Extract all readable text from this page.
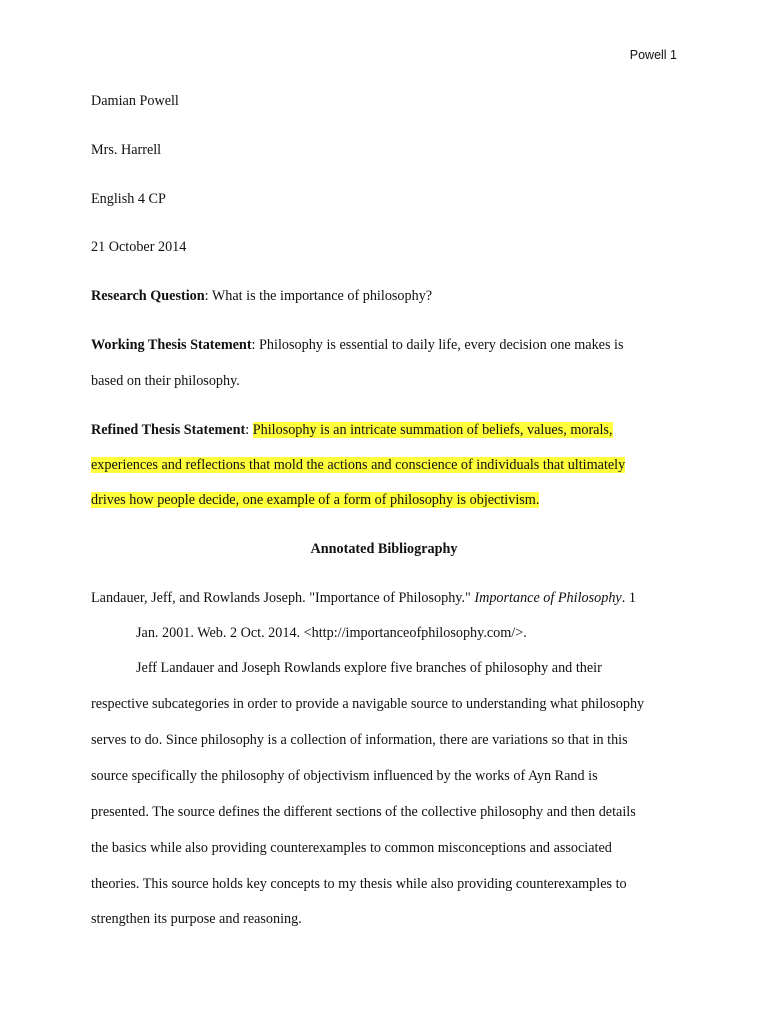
Powell 1
Damian Powell
Mrs. Harrell
English 4 CP
21 October 2014
Research Question: What is the importance of philosophy?
Working Thesis Statement: Philosophy is essential to daily life, every decision one makes is
based on their philosophy.
Refined Thesis Statement: Philosophy is an intricate summation of beliefs, values, morals,
experiences and reflections that mold the actions and conscience of individuals that ultimately
drives how people decide, one example of a form of philosophy is objectivism.
Annotated Bibliography
Landauer, Jeff, and Rowlands Joseph. "Importance of Philosophy." Importance of Philosophy. 1
Jan. 2001. Web. 2 Oct. 2014. <http://importanceofphilosophy.com/>.
Jeff Landauer and Joseph Rowlands explore five branches of philosophy and their
respective subcategories in order to provide a navigable source to understanding what philosophy
serves to do. Since philosophy is a collection of information, there are variations so that in this
source specifically the philosophy of objectivism influenced by the works of Ayn Rand is
presented. The source defines the different sections of the collective philosophy and then details
the basics while also providing counterexamples to common misconceptions and associated
theories. This source holds key concepts to my thesis while also providing counterexamples to
strengthen its purpose and reasoning.
